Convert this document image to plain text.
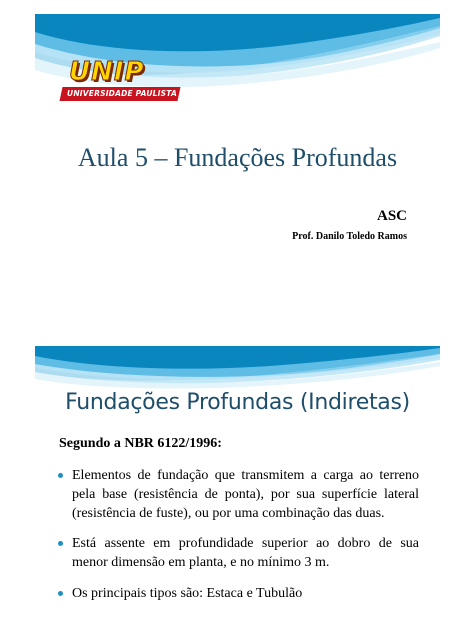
UNIP
UNIVERSIDADE PAULISTA
Aula 5 – Fundações Profundas
ASC
Prof. Danilo Toledo Ramos
Fundações Profundas (Indiretas)
Segundo a NBR 6122/1996:
Elementos de fundação que transmitem a carga ao terreno pela base (resistência de ponta), por sua superfície lateral (resistência de fuste), ou por uma combinação das duas.
Está assente em profundidade superior ao dobro de sua menor dimensão em planta, e no mínimo 3 m.
Os principais tipos são: Estaca e Tubulão
